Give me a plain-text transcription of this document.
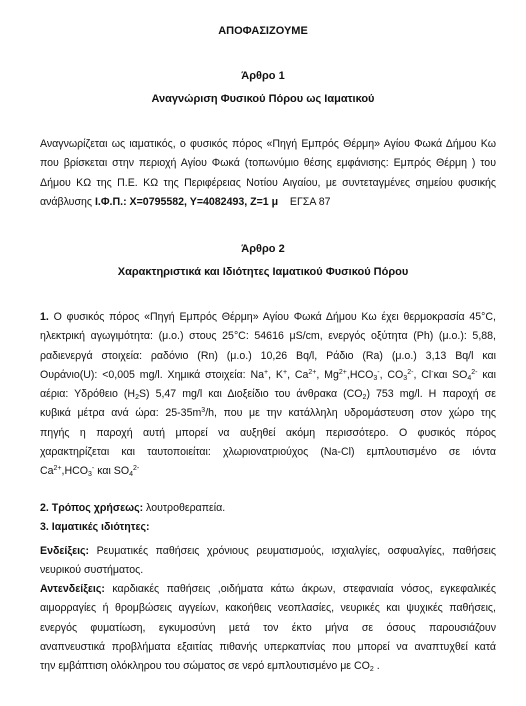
ΑΠΟΦΑΣΙΖΟΥΜΕ
Άρθρο 1
Αναγνώριση Φυσικού Πόρου ως Ιαματικού
Αναγνωρίζεται ως ιαματικός, ο φυσικός πόρος «Πηγή Εμπρός Θέρμη» Αγίου Φωκά Δήμου Κω
που βρίσκεται στην περιοχή Αγίου Φωκά (τοπωνύμιο θέσης εμφάνισης: Εμπρός Θέρμη ) του
Δήμου ΚΩ της Π.Ε. ΚΩ της Περιφέρειας Νοτίου Αιγαίου, με συντεταγμένες σημείου φυσικής
ανάβλυσης Ι.Φ.Π.: Χ=0795582, Υ=4082493, Ζ=1 μ ΕΓΣΑ 87
Άρθρο 2
Χαρακτηριστικά και Ιδιότητες Ιαματικού Φυσικού Πόρου
1. Ο φυσικός πόρος «Πηγή Εμπρός Θέρμη» Αγίου Φωκά Δήμου Κω έχει θερμοκρασία 45°C,
ηλεκτρική αγωγιμότητα: (μ.ο.) στους 25°C: 54616 μS/cm, ενεργός οξύτητα (Ph) (μ.ο.): 5,88,
ραδιενεργά στοιχεία: ραδόνιο (Rn) (μ.ο.) 10,26 Bq/l, Ράδιο (Ra) (μ.ο.) 3,13 Bq/l και
Ουράνιο(U): <0,005 mg/l. Χημικά στοιχεία: Na+, K+, $Ca^{2+}$, $Mg^{2+},HCO_3^-$, $CO_3^{2-}$, Cl-και $SO_4^{2-}$ και
αέρια: Υδρόθειο $(H_2S)$ 5,47 mg/l και Διοξείδιο του άνθρακα $(CO_2)$ 753 mg/l. Η παροχή σε
κυβικά μέτρα ανά ώρα: $25-35m^3/h$, που με την κατάλληλη υδρομάστευση στον χώρο της
πηγής η παροχή αυτή μπορεί να αυξηθεί ακόμη περισσότερο. Ο φυσικός πόρος
χαρακτηρίζεται και ταυτοποιείται: χλωριονατριούχος (Na-Cl) εμπλουτισμένο σε ιόντα
$Ca^{2+},HCO_3^-$ και $SO_4^{2-}$
2. Τρόπος χρήσεως: λουτροθεραπεία.
3. Ιαματικές ιδιότητες:
Ενδείξεις: Ρευματικές παθήσεις χρόνιους ρευματισμούς, ισχιαλγίες, οσφυαλγίες, παθήσεις
νευρικού συστήματος.
Αντενδείξεις: καρδιακές παθήσεις ,οιδήματα κάτω άκρων, στεφανιαία νόσος, εγκεφαλικές
αιμορραγίες ή θρομβώσεις αγγείων, κακοήθεις νεοπλασίες, νευρικές και ψυχικές παθήσεις,
ενεργός φυματίωση, εγκυμοσύνη μετά τον έκτο μήνα σε όσους παρουσιάζουν
αναπνευστικά προβλήματα εξαιτίας πιθανής υπερκαπνίας που μπορεί να αναπτυχθεί κατά
την εμβάπτιση ολόκληρου του σώματος σε νερό εμπλουτισμένο με $CO_2$ .
